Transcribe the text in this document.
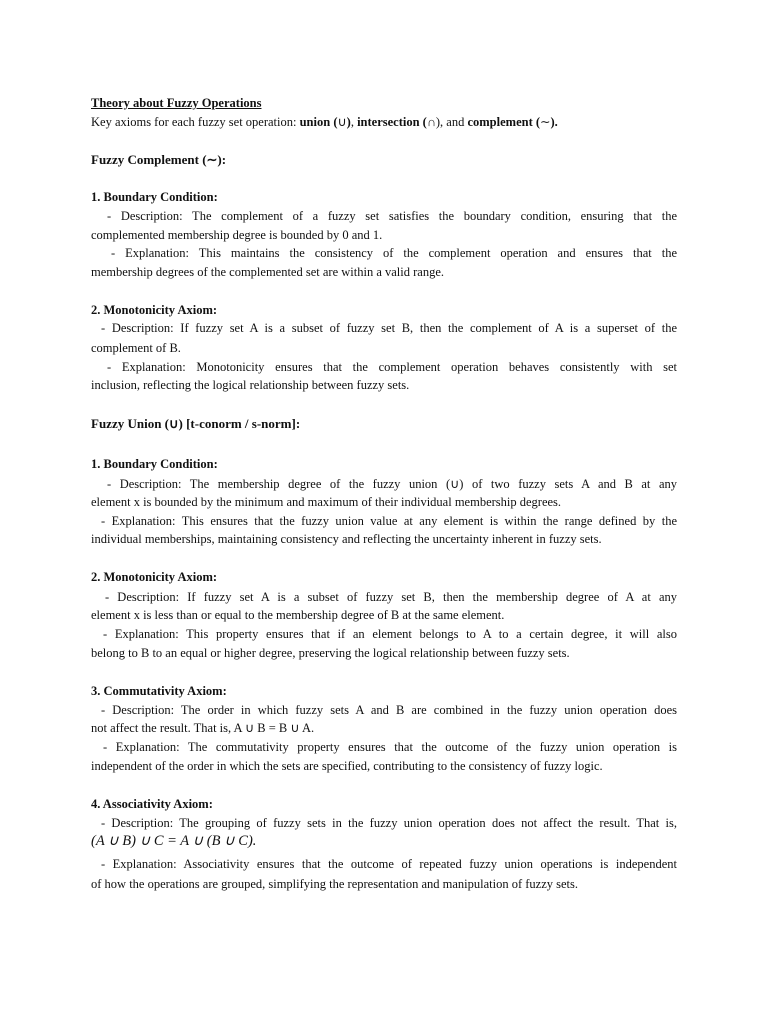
Theory about Fuzzy Operations
Key axioms for each fuzzy set operation: union (∪), intersection (∩), and complement (∼).
Fuzzy Complement (∼):
1. Boundary Condition:
- Description: The complement of a fuzzy set satisfies the boundary condition, ensuring that the
complemented membership degree is bounded by 0 and 1.
- Explanation: This maintains the consistency of the complement operation and ensures that the
membership degrees of the complemented set are within a valid range.
2. Monotonicity Axiom:
- Description: If fuzzy set A is a subset of fuzzy set B, then the complement of A is a superset of the
complement of B.
- Explanation: Monotonicity ensures that the complement operation behaves consistently with set
inclusion, reflecting the logical relationship between fuzzy sets.
Fuzzy Union (∪) [t-conorm / s-norm]:
1. Boundary Condition:
- Description: The membership degree of the fuzzy union (∪) of two fuzzy sets A and B at any
element x is bounded by the minimum and maximum of their individual membership degrees.
- Explanation: This ensures that the fuzzy union value at any element is within the range defined by the
individual memberships, maintaining consistency and reflecting the uncertainty inherent in fuzzy sets.
2. Monotonicity Axiom:
- Description: If fuzzy set A is a subset of fuzzy set B, then the membership degree of A at any
element x is less than or equal to the membership degree of B at the same element.
- Explanation: This property ensures that if an element belongs to A to a certain degree, it will also
belong to B to an equal or higher degree, preserving the logical relationship between fuzzy sets.
3. Commutativity Axiom:
- Description: The order in which fuzzy sets A and B are combined in the fuzzy union operation does
not affect the result. That is, A ∪ B = B ∪ A.
- Explanation: The commutativity property ensures that the outcome of the fuzzy union operation is
independent of the order in which the sets are specified, contributing to the consistency of fuzzy logic.
4. Associativity Axiom:
- Description: The grouping of fuzzy sets in the fuzzy union operation does not affect the result. That is,
(A ∪ B) ∪ C = A ∪ (B ∪ C).
- Explanation: Associativity ensures that the outcome of repeated fuzzy union operations is independent
of how the operations are grouped, simplifying the representation and manipulation of fuzzy sets.
